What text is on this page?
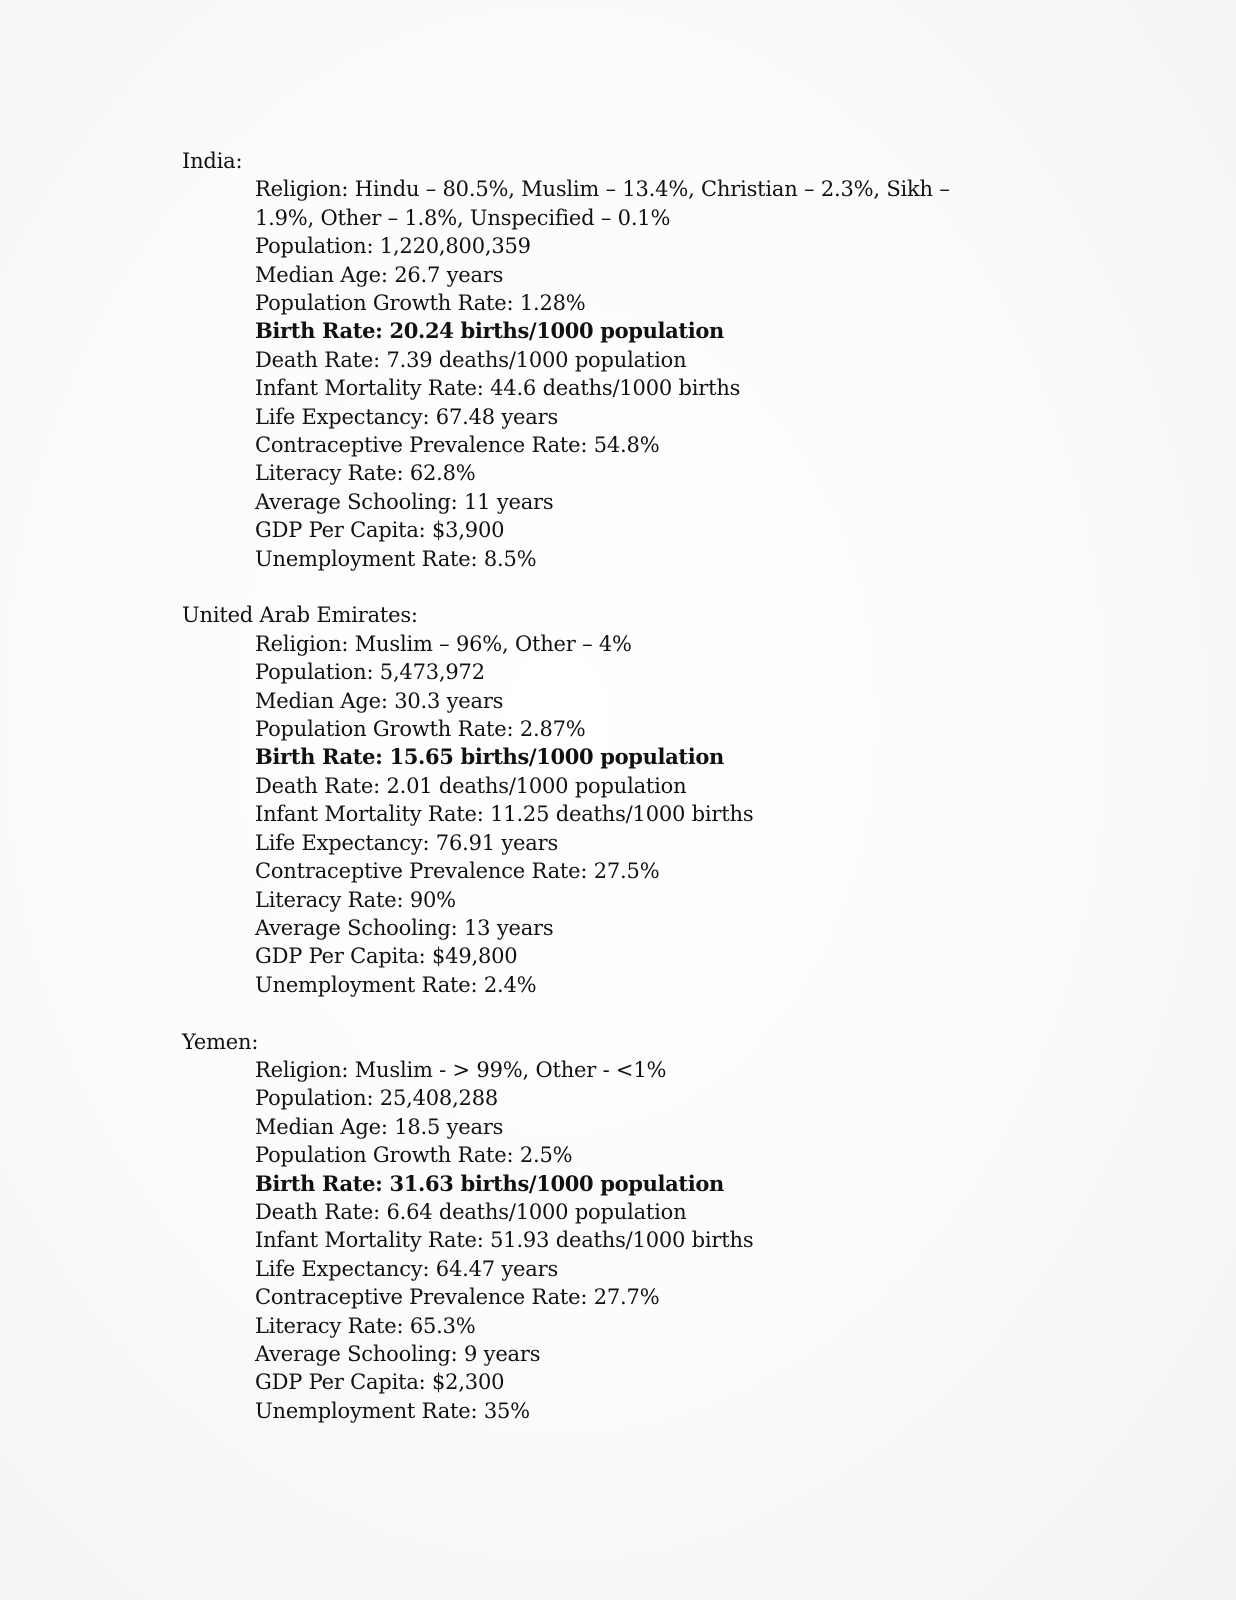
India:
Religion: Hindu – 80.5%, Muslim – 13.4%, Christian – 2.3%, Sikh – 1.9%, Other – 1.8%, Unspecified – 0.1%
Population: 1,220,800,359
Median Age: 26.7 years
Population Growth Rate: 1.28%
Birth Rate: 20.24 births/1000 population
Death Rate: 7.39 deaths/1000 population
Infant Mortality Rate: 44.6 deaths/1000 births
Life Expectancy: 67.48 years
Contraceptive Prevalence Rate: 54.8%
Literacy Rate: 62.8%
Average Schooling: 11 years
GDP Per Capita: $3,900
Unemployment Rate: 8.5%
United Arab Emirates:
Religion: Muslim – 96%, Other – 4%
Population: 5,473,972
Median Age: 30.3 years
Population Growth Rate: 2.87%
Birth Rate: 15.65 births/1000 population
Death Rate: 2.01 deaths/1000 population
Infant Mortality Rate: 11.25 deaths/1000 births
Life Expectancy: 76.91 years
Contraceptive Prevalence Rate: 27.5%
Literacy Rate: 90%
Average Schooling: 13 years
GDP Per Capita: $49,800
Unemployment Rate: 2.4%
Yemen:
Religion: Muslim - > 99%, Other - <1%
Population: 25,408,288
Median Age: 18.5 years
Population Growth Rate: 2.5%
Birth Rate: 31.63 births/1000 population
Death Rate: 6.64 deaths/1000 population
Infant Mortality Rate: 51.93 deaths/1000 births
Life Expectancy: 64.47 years
Contraceptive Prevalence Rate: 27.7%
Literacy Rate: 65.3%
Average Schooling: 9 years
GDP Per Capita: $2,300
Unemployment Rate: 35%
